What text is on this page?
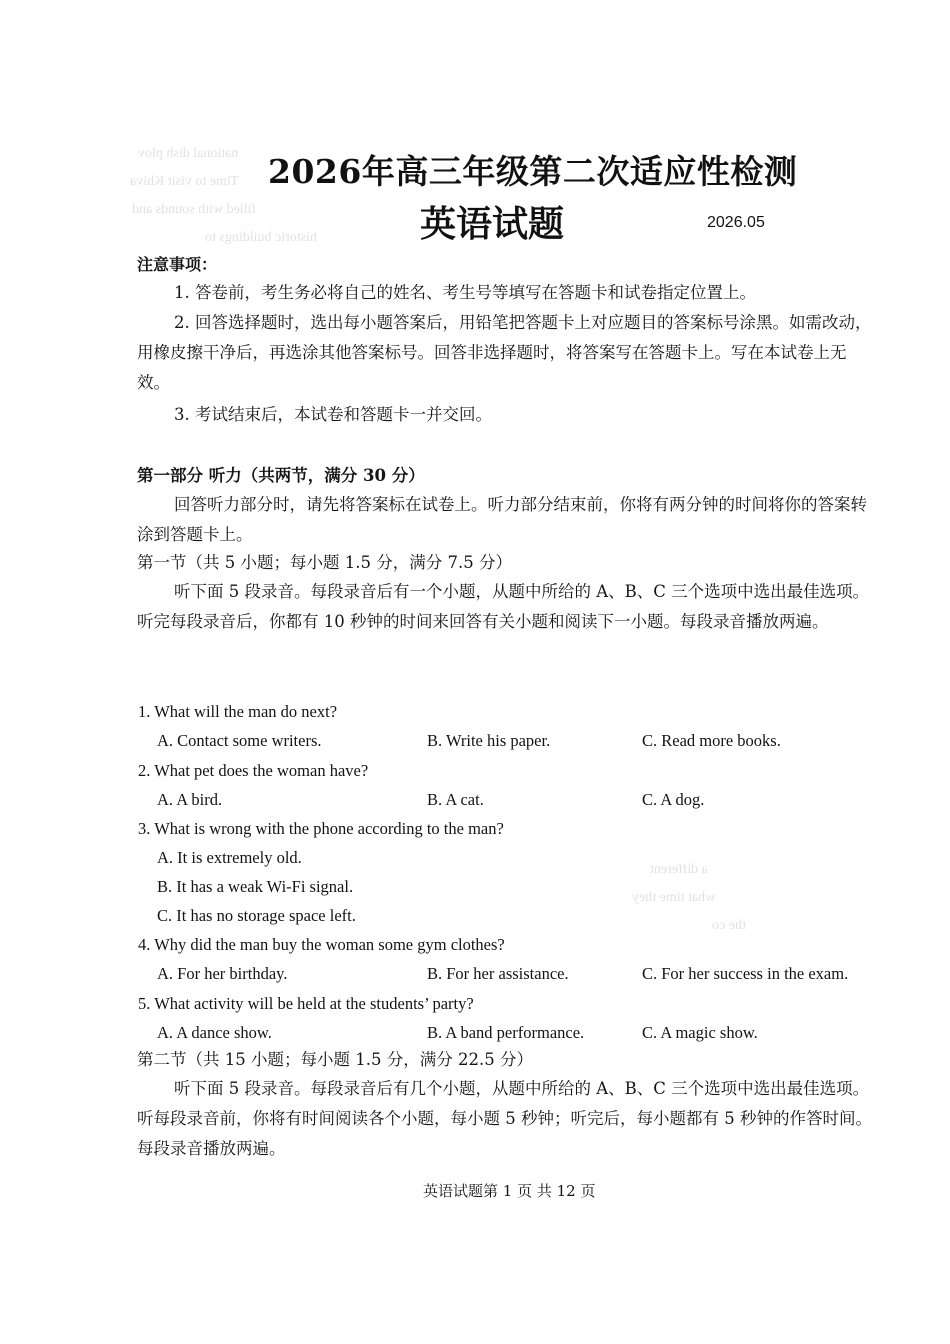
national dish plov
Time to visit Khiva
filled with sounds and
historic buildings to
a different
what time they
the co
2026年高三年级第二次适应性检测
英语试题	2026.05
注意事项：
1. 答卷前，考生务必将自己的姓名、考生号等填写在答题卡和试卷指定位置上。
2. 回答选择题时，选出每小题答案后，用铅笔把答题卡上对应题目的答案标号涂黑。如需改动，用橡皮擦干净后，再选涂其他答案标号。回答非选择题时，将答案写在答题卡上。写在本试卷上无效。
3. 考试结束后，本试卷和答题卡一并交回。
第一部分 听力（共两节，满分 30 分）
回答听力部分时，请先将答案标在试卷上。听力部分结束前，你将有两分钟的时间将你的答案转涂到答题卡上。
第一节（共 5 小题；每小题 1.5 分，满分 7.5 分）
听下面 5 段录音。每段录音后有一个小题，从题中所给的 A、B、C 三个选项中选出最佳选项。听完每段录音后，你都有 10 秒钟的时间来回答有关小题和阅读下一小题。每段录音播放两遍。
1. What will the man do next?
A. Contact some writers.	B. Write his paper.	C. Read more books.
2. What pet does the woman have?
A. A bird.	B. A cat.	C. A dog.
3. What is wrong with the phone according to the man?
A. It is extremely old.
B. It has a weak Wi-Fi signal.
C. It has no storage space left.
4. Why did the man buy the woman some gym clothes?
A. For her birthday.	B. For her assistance.	C. For her success in the exam.
5. What activity will be held at the students’ party?
A. A dance show.	B. A band performance.	C. A magic show.
第二节（共 15 小题；每小题 1.5 分，满分 22.5 分）
听下面 5 段录音。每段录音后有几个小题，从题中所给的 A、B、C 三个选项中选出最佳选项。听每段录音前，你将有时间阅读各个小题，每小题 5 秒钟；听完后，每小题都有 5 秒钟的作答时间。每段录音播放两遍。
英语试题第 1 页 共 12 页
